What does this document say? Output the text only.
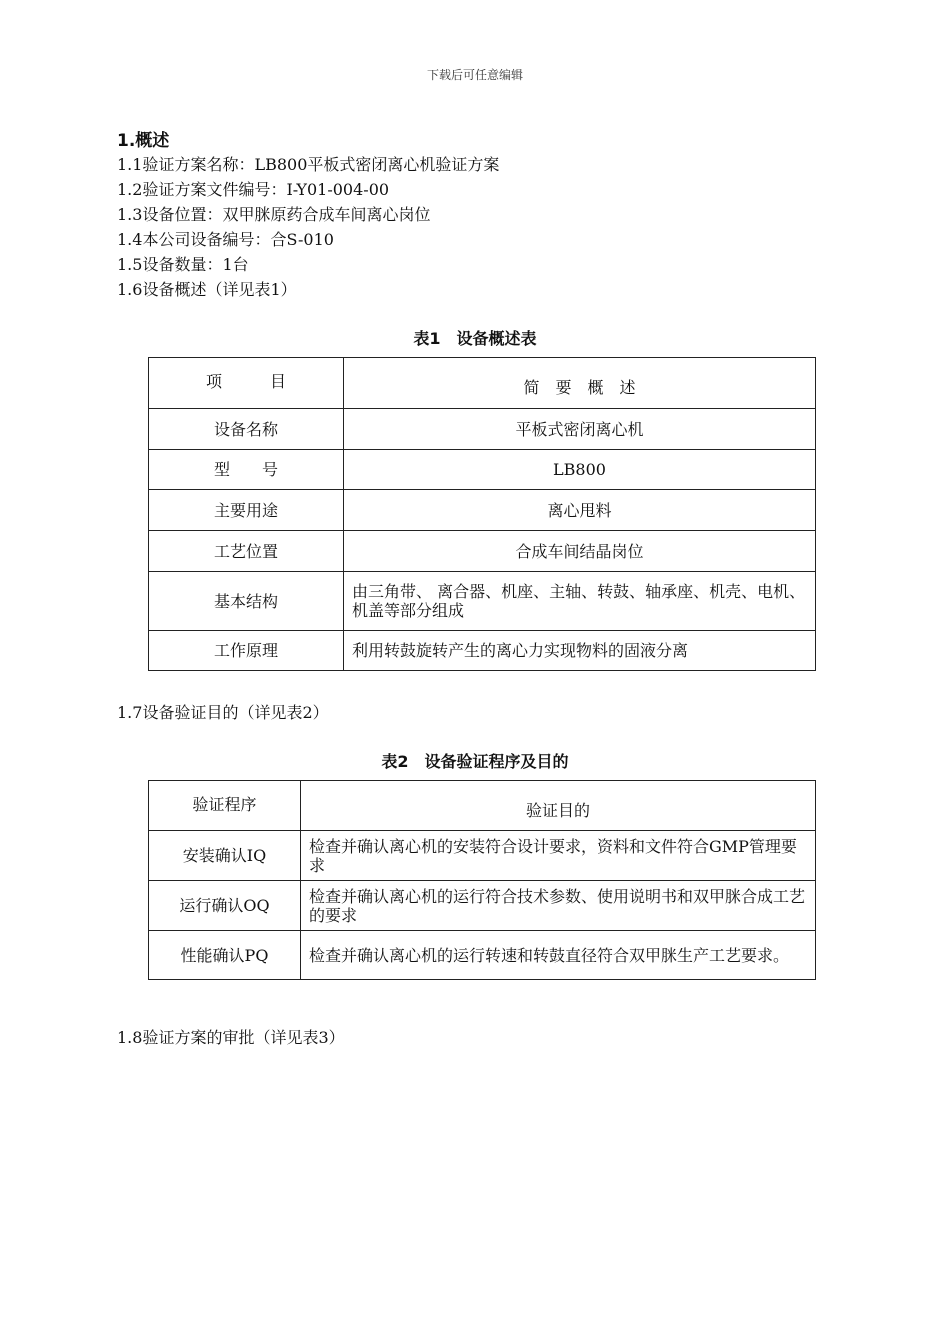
下载后可任意编辑
1.概述
1.1验证方案名称：LB800平板式密闭离心机验证方案
1.2验证方案文件编号：Ⅰ-Y01-004-00
1.3设备位置：双甲脒原药合成车间离心岗位
1.4本公司设备编号：合S-010
1.5设备数量：1台
1.6设备概述（详见表1）
表1　设备概述表
项　　　目	简　要　概　述
设备名称	平板式密闭离心机
型　　号	LB800
主要用途	离心甩料
工艺位置	合成车间结晶岗位
基本结构	由三角带、 离合器、机座、主轴、转鼓、轴承座、机壳、电机、机盖等部分组成
工作原理	利用转鼓旋转产生的离心力实现物料的固液分离
1.7设备验证目的（详见表2）
表2　设备验证程序及目的
验证程序	验证目的
安装确认IQ	检查并确认离心机的安装符合设计要求，资料和文件符合GMP管理要求
运行确认OQ	检查并确认离心机的运行符合技术参数、使用说明书和双甲脒合成工艺的要求
性能确认PQ	检查并确认离心机的运行转速和转鼓直径符合双甲脒生产工艺要求。
1.8验证方案的审批（详见表3）
